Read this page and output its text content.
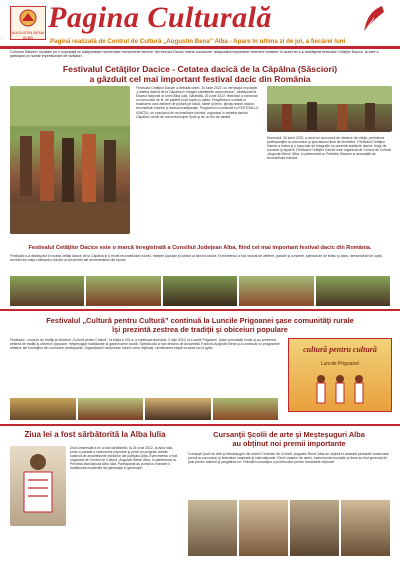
AUGUSTIN BENA ALBA
Pagina Culturală
Pagină realizată de Centrul de Cultură „Augustin Bena” Alba - Apare în ultima zi de joi, a fiecărei luni
Comuna Săsciori, locatăre pe o suprafaţă ce adăposteşte numeroase monumente istorice: din trecutul Daciei, foarte cunoscute, adăpostind importante obiective turistice; în acest an s-a desfăşurat festivalul Cetăţilor Dacice, la care a participat un număr impresionant de vizitatori.
Festivalul Cetăţilor Dacice - Cetatea dacică de la Căpâlna (Săsciori)
a găzduit cel mai important festival dacic din România
Festivalul Cetăţilor Dacice a debutat vineri, 24 iunie 2022, cu vernisajul expoziţiei „Cetatea dacică de la Căpâlna în imagini sărbătorite dacoromane”, desfăşurat la Muzeul Naţional al Unirii Alba Iulia. Sâmbătă, 25 iunie 2022, festivalul a continuat cu concursul de tir, de ştafetă şi de luptă cu sabia. Pregătirea a constat în realizarea unor ateliere de pictură pe sticlă, hârtie şi lemn, ştiinţa hranei dacice, reconstituiri istorice şi dansuri tradiţionale. Programul a continuat cu FESTIVALUL IGNIŢIU, un spectacol de reconstituire istorică, organizat în cetatea dacică Căpâlna, urmat de concertul trupei Kyrie şi de un foc de tabără.
Duminică, 26 iunie 2022, a avut loc concursul de cântece de vitejie, premierea participanţilor la concursuri şi spectacolul final de închidere. Festivalul Cetăţilor Dacice a inclus şi o expoziţie de fotografie ce prezintă artefacte dacice, tiraje de monede şi bijuterii. Festivalul Cetăţilor Dacice este organizat de Centrul de Cultură „Augustin Bena” Alba, în parteneriat cu Primăria Săsciori şi asociaţiile de reconstituire istorică.
Festivalul Cetăţilor Dacice este o marcă înregistrată a Consiliul Judeţean Alba, fiind cel mai important festival dacic din România.
Festivalul s-a desfăşurat în incinta cetăţii dacice de la Căpâlna şi a reunit reconstituitori istorici, meşteri populari şi iubitori ai istoriei dacice. Evenimentul a fost marcat de ateliere, parade şi concerte, spectacole de teatru şi dans, demonstraţii de luptă, recreări din viaţa cotidiană a dacilor şi prezentări ale armamentului din epocă.
Festivalul „Cultură pentru Cultură” continuă la Luncile Prigoanei şase comunităţi rurale
îşi prezintă zestrea de tradiţii şi obiceiuri populare
Festivalul - concurs de tradiţii şi obiceiuri „Cultură pentru Cultură”, la ediţia a XIX-a, a continuat duminică, 3 iulie 2022, la Luncile Prigoanei. Şase comunităţi rurale şi-au prezentat zestrea de tradiţii şi obiceiuri populare, meşteşuguri tradiţionale şi gastronomie locală. Spectacolul a fost deschis de Ansamblul Folcloric Augustin Bena şi a continuat cu programele artistice ale formaţiilor din comunele participante. Organizatorii mulţumesc tuturor celor implicaţi. Următoarea etapă va avea loc la Ighiu.	cultură pentru cultură
Luncile Prigoanei
Ziua Iei a fost sărbătorită la Alba Iulia
Ziua Universală a Iei a fost sărbătorită, la 24 iunie 2022, la Alba Iulia, printr-o paradă a costumelor populare şi printr-un program artistic susţinut de ansamblurile folclorice ale judeţului Alba. Evenimentul a fost organizat de Centrul de Cultură „Augustin Bena” Alba, în parteneriat cu Primăria Municipiului Alba Iulia. Participanţii au purtat cu mândrie ii tradiţionale moştenite din generaţie în generaţie.
Cursanţii Şcolii de arte şi Meşteşuguri Alba
au obţinut noi premii importante
Cursanţii Şcolii de Arte şi Meşteşuguri din cadrul Centrului de Cultură „Augustin Bena” Alba au obţinut în această perioadă numeroase premii la concursuri şi festivaluri naţionale şi internaţionale. Elevii claselor de canto, instrumente muzicale şi dans au fost apreciaţi de juriu pentru talentul şi pregătirea lor. Felicitări cursanţilor şi profesorilor pentru rezultatele obţinute!
